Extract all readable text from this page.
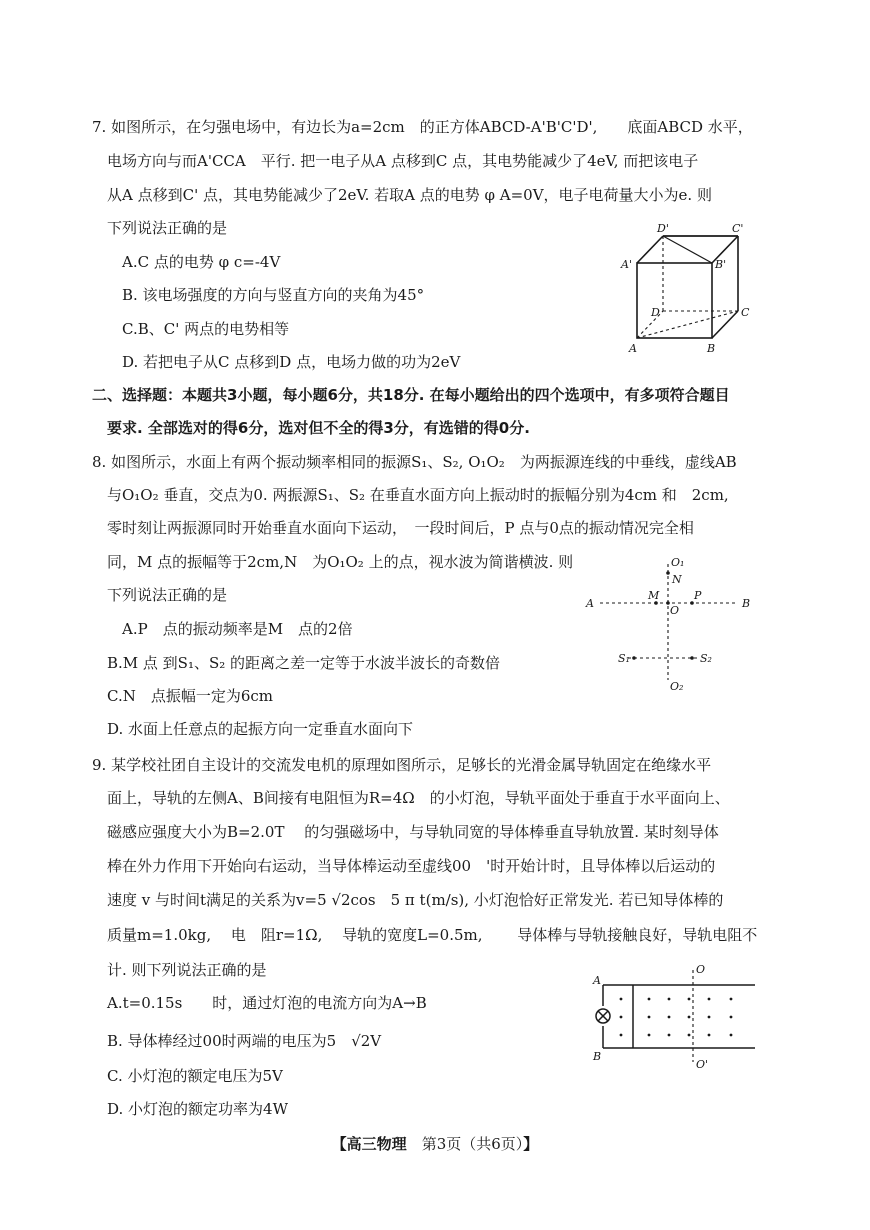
7. 如图所示，在匀强电场中，有边长为a=2cm　的正方体ABCD-A'B'C'D',　　底面ABCD 水平，
电场方向与而A'CCA　平行. 把一电子从A 点移到C 点，其电势能减少了4eV, 而把该电子
从A 点移到C' 点，其电势能减少了2eV. 若取A 点的电势 φ A=0V，电子电荷量大小为e. 则
下列说法正确的是
A.C 点的电势 φ c=-4V
B. 该电场强度的方向与竖直方向的夹角为45°
C.B、C' 两点的电势相等
D. 若把电子从C 点移到D 点，电场力做的功为2eV
D'	C'
A'	B'
D	C
A	B
二、选择题：本题共3小题，每小题6分，共18分. 在每小题给出的四个选项中，有多项符合题目
要求. 全部选对的得6分，选对但不全的得3分，有选错的得0分.
8. 如图所示，水面上有两个振动频率相同的振源S₁、S₂, O₁O₂　为两振源连线的中垂线，虚线AB
与O₁O₂ 垂直，交点为0. 两振源S₁、S₂ 在垂直水面方向上振动时的振幅分别为4cm 和　2cm,
零时刻让两振源同时开始垂直水面向下运动，　一段时间后，P 点与0点的振动情况完全相
同，M 点的振幅等于2cm,N　为O₁O₂ 上的点，视水波为简谐横波. 则
下列说法正确的是
A.P　点的振动频率是M　点的2倍
B.M 点 到S₁、S₂ 的距离之差一定等于水波半波长的奇数倍
C.N　点振幅一定为6cm
D. 水面上任意点的起振方向一定垂直水面向下
O₁
N
A
M	P
O
B
S₁	S₂
O₂
9. 某学校社团自主设计的交流发电机的原理如图所示，足够长的光滑金属导轨固定在绝缘水平
面上，导轨的左侧A、B间接有电阻恒为R=4Ω　的小灯泡，导轨平面处于垂直于水平面向上、
磁感应强度大小为B=2.0T　 的匀强磁场中，与导轨同宽的导体棒垂直导轨放置. 某时刻导体
棒在外力作用下开始向右运动，当导体棒运动至虚线00　'时开始计时，且导体棒以后运动的
速度 v 与时间t满足的关系为v=5 √2cos　5 π t(m/s), 小灯泡恰好正常发光. 若已知导体棒的
质量m=1.0kg,　 电　阻r=1Ω,　 导轨的宽度L=0.5m,　　 导体棒与导轨接触良好，导轨电阻不
计. 则下列说法正确的是
A.t=0.15s　　时，通过灯泡的电流方向为A→B
B. 导体棒经过00时两端的电压为5　√2V
C. 小灯泡的额定电压为5V
D. 小灯泡的额定功率为4W
A
B
O
O'
【高三物理　 第3页（共6页）】
